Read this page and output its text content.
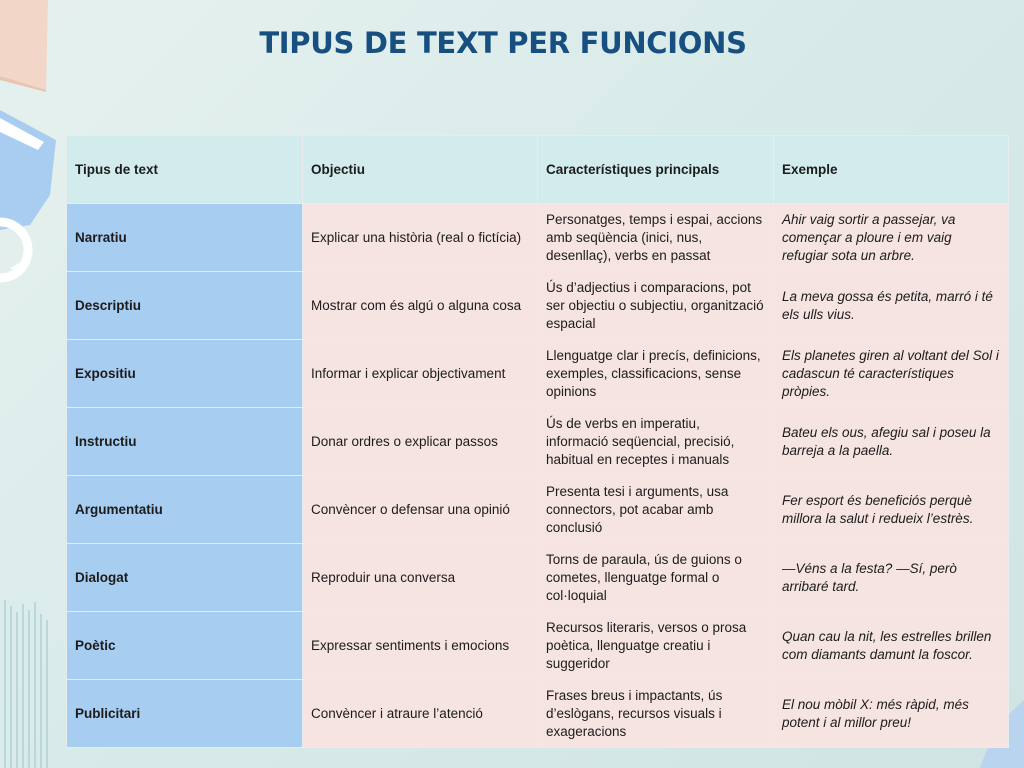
TIPUS DE TEXT PER FUNCIONS
Tipus de text	Objectiu	Característiques principals	Exemple
Narratiu	Explicar una història (real o fictícia)	Personatges, temps i espai, accions amb seqüència (inici, nus, desenllaç), verbs en passat	Ahir vaig sortir a passejar, va començar a ploure i em vaig refugiar sota un arbre.
Descriptiu	Mostrar com és algú o alguna cosa	Ús d’adjectius i comparacions, pot ser objectiu o subjectiu, organització espacial	La meva gossa és petita, marró i té els ulls vius.
Expositiu	Informar i explicar objectivament	Llenguatge clar i precís, definicions, exemples, classificacions, sense opinions	Els planetes giren al voltant del Sol i cadascun té característiques pròpies.
Instructiu	Donar ordres o explicar passos	Ús de verbs en imperatiu, informació seqüencial, precisió, habitual en receptes i manuals	Bateu els ous, afegiu sal i poseu la barreja a la paella.
Argumentatiu	Convèncer o defensar una opinió	Presenta tesi i arguments, usa connectors, pot acabar amb conclusió	Fer esport és beneficiós perquè millora la salut i redueix l’estrès.
Dialogat	Reproduir una conversa	Torns de paraula, ús de guions o cometes, llenguatge formal o col·loquial	—Véns a la festa? —Sí, però arribaré tard.
Poètic	Expressar sentiments i emocions	Recursos literaris, versos o prosa poètica, llenguatge creatiu i suggeridor	Quan cau la nit, les estrelles brillen com diamants damunt la foscor.
Publicitari	Convèncer i atraure l’atenció	Frases breus i impactants, ús d’eslògans, recursos visuals i exageracions	El nou mòbil X: més ràpid, més potent i al millor preu!
